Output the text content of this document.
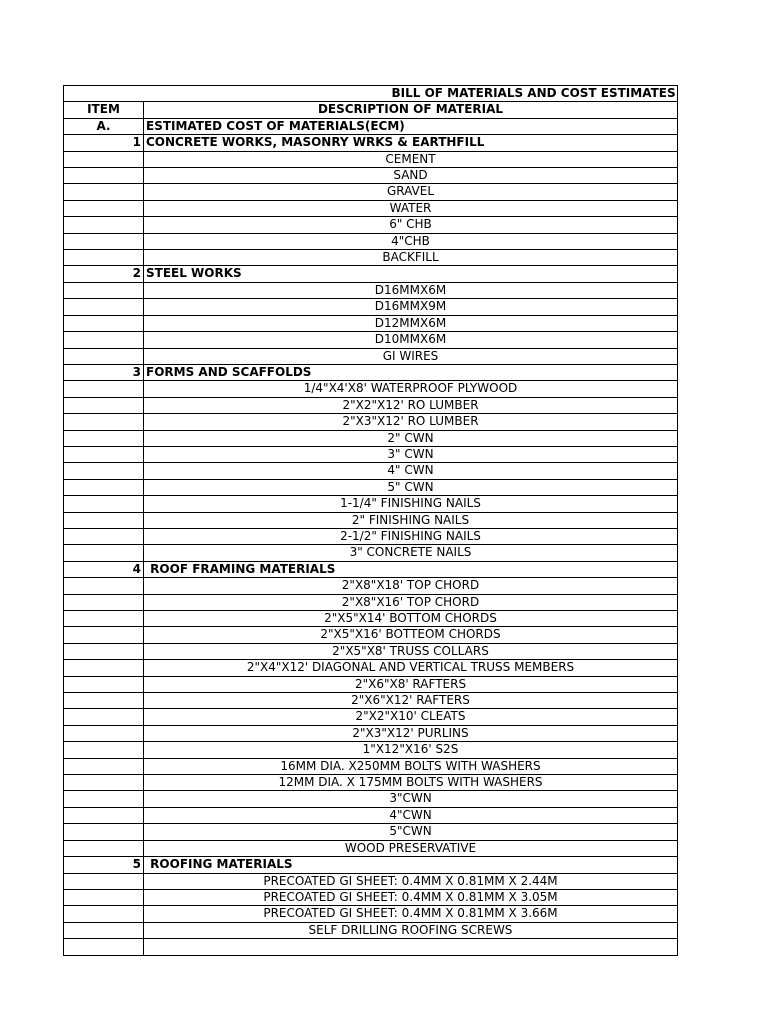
	BILL OF MATERIALS AND COST ESTIMATES
ITEM	DESCRIPTION OF MATERIAL
A.	ESTIMATED COST OF MATERIALS(ECM)
1	CONCRETE WORKS, MASONRY WRKS & EARTHFILL
	CEMENT
	SAND
	GRAVEL
	WATER
	6" CHB
	4"CHB
	BACKFILL
2	STEEL WORKS
	D16MMX6M
	D16MMX9M
	D12MMX6M
	D10MMX6M
	GI WIRES
3	FORMS AND SCAFFOLDS
	1/4"X4'X8' WATERPROOF PLYWOOD
	2"X2"X12' RO LUMBER
	2"X3"X12' RO LUMBER
	2" CWN
	3" CWN
	4" CWN
	5" CWN
	1-1/4" FINISHING NAILS
	2" FINISHING NAILS
	2-1/2" FINISHING NAILS
	3" CONCRETE NAILS
4	ROOF FRAMING MATERIALS
	2"X8"X18' TOP CHORD
	2"X8"X16' TOP CHORD
	2"X5"X14' BOTTOM CHORDS
	2"X5"X16' BOTTEOM CHORDS
	2"X5"X8' TRUSS COLLARS
	2"X4"X12' DIAGONAL AND VERTICAL TRUSS MEMBERS
	2"X6"X8' RAFTERS
	2"X6"X12' RAFTERS
	2"X2"X10' CLEATS
	2"X3"X12' PURLINS
	1"X12"X16' S2S
	16MM DIA. X250MM BOLTS WITH WASHERS
	12MM DIA. X 175MM BOLTS WITH WASHERS
	3"CWN
	4"CWN
	5"CWN
	WOOD PRESERVATIVE
5	ROOFING MATERIALS
	PRECOATED GI SHEET: 0.4MM X 0.81MM X 2.44M
	PRECOATED GI SHEET: 0.4MM X 0.81MM X 3.05M
	PRECOATED GI SHEET: 0.4MM X 0.81MM X 3.66M
	SELF DRILLING ROOFING SCREWS
